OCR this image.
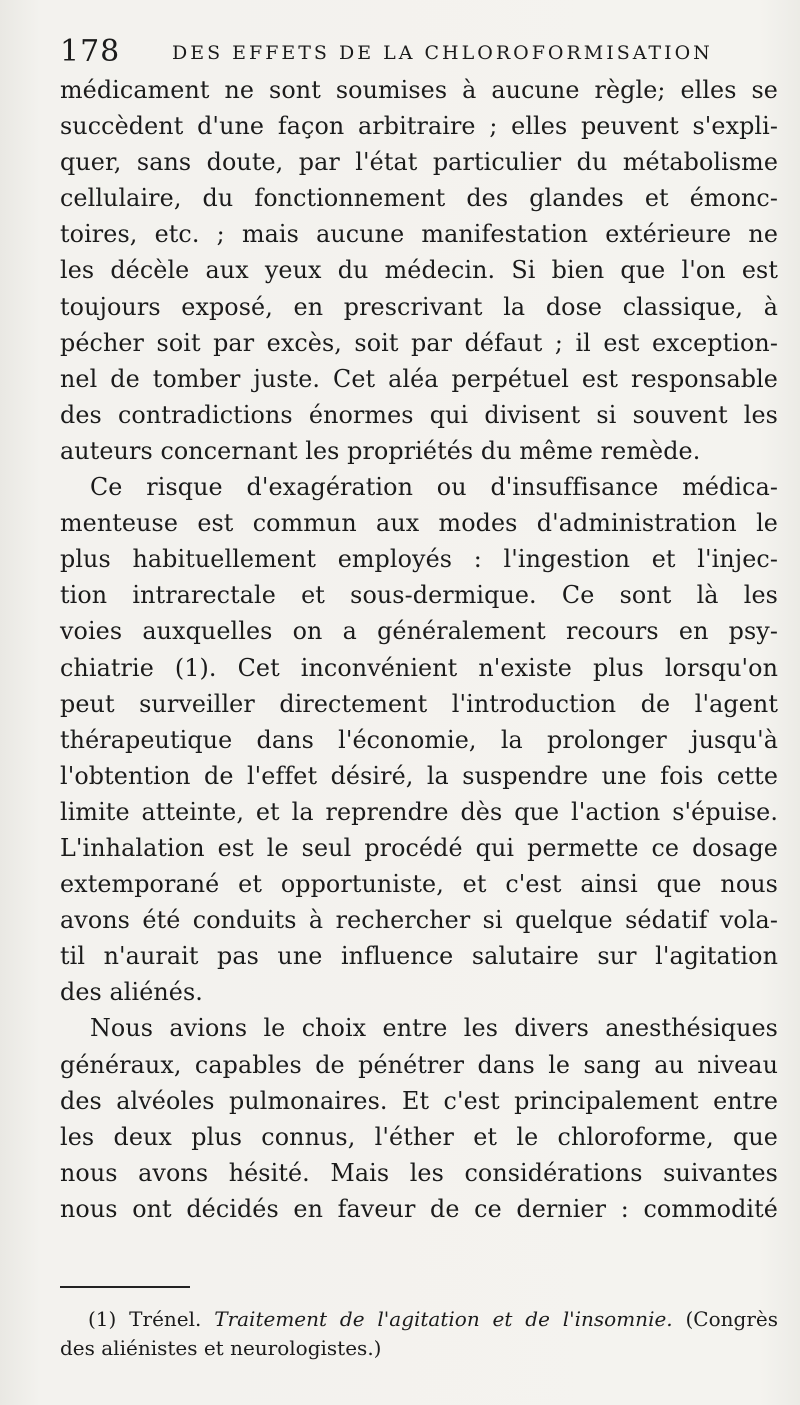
178	DES EFFETS DE LA CHLOROFORMISATION
médicament ne sont soumises à aucune règle; elles se
succèdent d'une façon arbitraire ; elles peuvent s'expli-
quer, sans doute, par l'état particulier du métabolisme
cellulaire, du fonctionnement des glandes et émonc-
toires, etc. ; mais aucune manifestation extérieure ne
les décèle aux yeux du médecin. Si bien que l'on est
toujours exposé, en prescrivant la dose classique, à
pécher soit par excès, soit par défaut ; il est exception-
nel de tomber juste. Cet aléa perpétuel est responsable
des contradictions énormes qui divisent si souvent les
auteurs concernant les propriétés du même remède.
Ce risque d'exagération ou d'insuffisance médica-
menteuse est commun aux modes d'administration le
plus habituellement employés : l'ingestion et l'injec-
tion intrarectale et sous-dermique. Ce sont là les
voies auxquelles on a généralement recours en psy-
chiatrie (1). Cet inconvénient n'existe plus lorsqu'on
peut surveiller directement l'introduction de l'agent
thérapeutique dans l'économie, la prolonger jusqu'à
l'obtention de l'effet désiré, la suspendre une fois cette
limite atteinte, et la reprendre dès que l'action s'épuise.
L'inhalation est le seul procédé qui permette ce dosage
extemporané et opportuniste, et c'est ainsi que nous
avons été conduits à rechercher si quelque sédatif vola-
til n'aurait pas une influence salutaire sur l'agitation
des aliénés.
Nous avions le choix entre les divers anesthésiques
généraux, capables de pénétrer dans le sang au niveau
des alvéoles pulmonaires. Et c'est principalement entre
les deux plus connus, l'éther et le chloroforme, que
nous avons hésité. Mais les considérations suivantes
nous ont décidés en faveur de ce dernier : commodité
(1) Trénel. Traitement de l'agitation et de l'insomnie. (Congrès
des aliénistes et neurologistes.)
